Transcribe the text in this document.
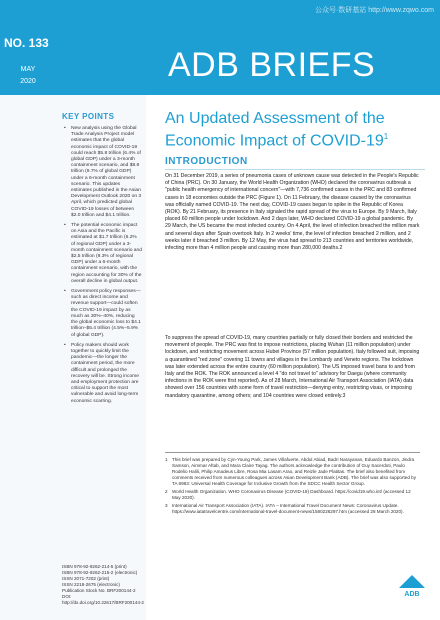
NO. 133
MAY
2020	ADB BRIEFS
公众号·数研基站 http://www.zqwo.com
KEY POINTS
• New analysis using the Global Trade Analysis Project model estimates that the global economic impact of COVID-19 could reach $5.8 trillion (6.4% of global GDP) under a 3-month containment scenario, and $8.8 trillion (9.7% of global GDP) under a 6-month containment scenario. This updates estimates published in the Asian Development Outlook 2020 on 3 April, which predicted global COVID-19 losses of between $2.0 trillion and $4.1 trillion.
• The potential economic impact on Asia and the Pacific is estimated at $1.7 trillion (6.2% of regional GDP) under a 3-month containment scenario and $2.5 trillion (9.3% of regional GDP) under a 6-month containment scenario, with the region accounting for 30% of the overall decline in global output.
• Government policy responses—such as direct income and revenue support—could soften the COVID-19 impact by as much as 30%–40%, reducing the global economic loss to $4.1 trillion–$5.4 trillion (4.5%–5.9% of global GDP).
• Policy makers should work together to quickly limit the pandemic—the longer the containment period, the more difficult and prolonged the recovery will be. Strong income and employment protection are critical to support the most vulnerable and avoid long-term economic scarring.
ISBN 978-92-9262-214-5 (print)
ISBN 978-92-9262-215-2 (electronic)
ISSN 2071-7202 (print)
ISSN 2218-2675 (electronic)
Publication Stock No. BRF200144-2
DOI: http://dx.doi.org/10.22617/BRF200144-2
An Updated Assessment of the Economic Impact of COVID-$19^1$
INTRODUCTION

On 31 December 2019, a series of pneumonia cases of unknown cause was detected in the People's Republic of China (PRC). On 30 January, the World Health Organization (WHO) declared the coronavirus outbreak a "public health emergency of international concern"—with 7,736 confirmed cases in the PRC and 83 confirmed cases in 18 economies outside the PRC (Figure 1). On 11 February, the disease caused by the coronavirus was officially named COVID-19. The next day, COVID-19 cases began to spike in the Republic of Korea (ROK). By 21 February, its presence in Italy signaled the rapid spread of the virus to Europe. By 9 March, Italy placed 60 million people under lockdown. And 2 days later, WHO declared COVID-19 a global pandemic. By 29 March, the US became the most infected country. On 4 April, the level of infection breached the million mark and several days after Spain overtook Italy. In 2 weeks' time, the level of infection breached 2 million, and 2 weeks later it breached 3 million. By 12 May, the virus had spread to 213 countries and territories worldwide, infecting more than 4 million people and causing more than 280,000 deaths.2

To suppress the spread of COVID-19, many countries partially or fully closed their borders and restricted the movement of people. The PRC was first to impose restrictions, placing Wuhan (11 million population) under lockdown, and restricting movement across Hubei Province (57 million population). Italy followed suit, imposing a quarantined "red zone" covering 11 towns and villages in the Lombardy and Veneto regions. The lockdown was later extended across the entire country (60 million population). The US imposed travel bans to and from Italy and the ROK. The ROK announced a level 4 "do not travel to" advisory for Daegu (where community infections in the ROK were first reported). As of 28 March, International Air Transport Association (IATA) data showed over 156 countries with some form of travel restriction—denying entry, restricting visas, or imposing mandatory quarantine, among others; and 104 countries were closed entirely.3

1 This brief was prepared by Cyn-Young Park, James Villafuerte, Abdul Abiad, Badri Narayanan, Eduardo Banzon, Jindra Samson, Aimmar Aftab, and Mara Claire Tayag. The authors acknowledge the contribution of Guy Sacerdoti, Paulo Rodelio Halili, Philip Amadeus Libre, Rosa Mia Lasam Arao, and Reizle Jade Platitas. The brief also benefited from comments received from numerous colleagues across Asian Development Bank (ADB). The brief was also supported by TA 8983: Universal Health Coverage for Inclusive Growth from the SDCC Health Sector Group.
2 World Health Organization. WHO Coronavirus Disease (COVID-19) Dashboard. https://covid19.who.int/ (accessed 12 May 2020).
3 International Air Transport Association (IATA). IATA – International Travel Document News: Coronavirus Update. https://www.iatatravelcentre.com/international-travel-document-news/1580226297.htm (accessed 28 March 2020).
ADB
